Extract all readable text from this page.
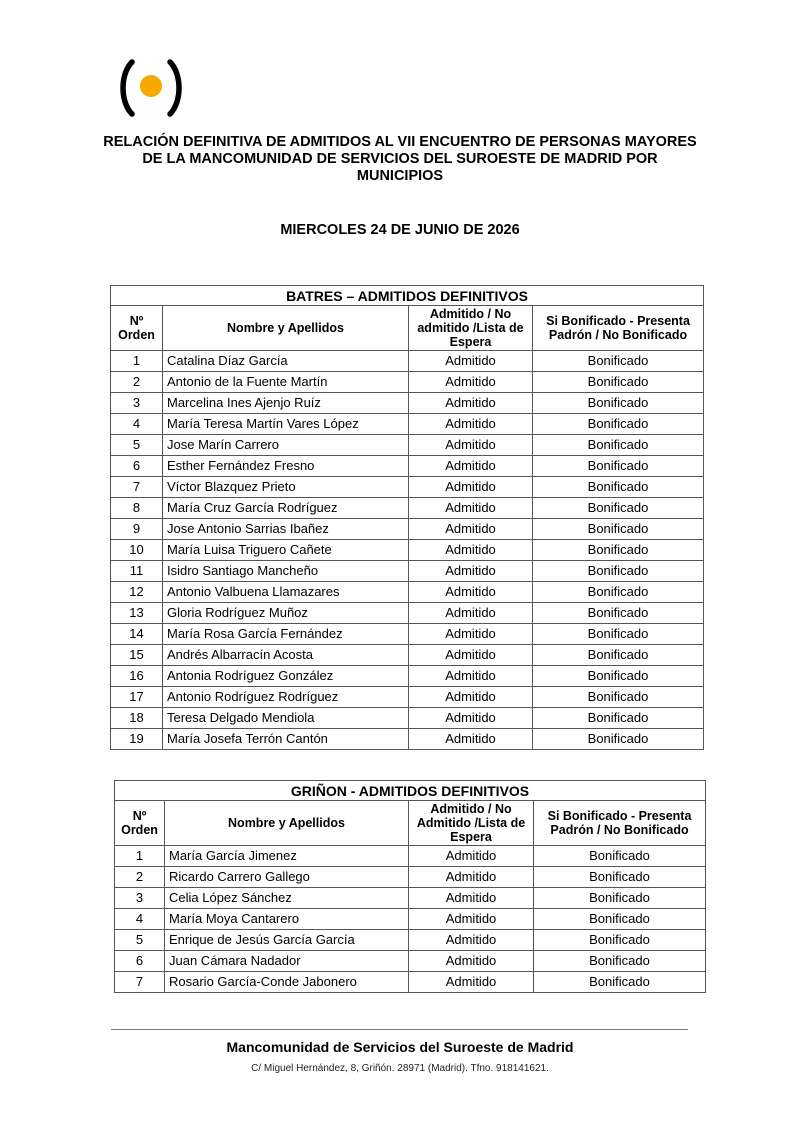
RELACIÓN DEFINITIVA DE ADMITIDOS AL VII ENCUENTRO DE PERSONAS MAYORES DE LA MANCOMUNIDAD DE SERVICIOS DEL SUROESTE DE MADRID POR MUNICIPIOS
MIERCOLES 24 DE JUNIO DE 2026
BATRES – ADMITIDOS DEFINITIVOS			
Nº Orden	Nombre y Apellidos	Admitido / No admitido /Lista de Espera	Si Bonificado - Presenta Padrón / No Bonificado
1	Catalina Díaz García	Admitido	Bonificado
2	Antonio de la Fuente Martín	Admitido	Bonificado
3	Marcelina Ines Ajenjo Ruíz	Admitido	Bonificado
4	María Teresa Martín Vares López	Admitido	Bonificado
5	Jose Marín Carrero	Admitido	Bonificado
6	Esther Fernández Fresno	Admitido	Bonificado
7	Víctor Blazquez Prieto	Admitido	Bonificado
8	María Cruz García Rodríguez	Admitido	Bonificado
9	Jose Antonio Sarrias Ibañez	Admitido	Bonificado
10	María Luisa Triguero Cañete	Admitido	Bonificado
11	Isidro Santiago Mancheño	Admitido	Bonificado
12	Antonio Valbuena Llamazares	Admitido	Bonificado
13	Gloria Rodríguez Muñoz	Admitido	Bonificado
14	María Rosa García Fernández	Admitido	Bonificado
15	Andrés Albarracín Acosta	Admitido	Bonificado
16	Antonia Rodríguez González	Admitido	Bonificado
17	Antonio Rodríguez Rodríguez	Admitido	Bonificado
18	Teresa Delgado Mendiola	Admitido	Bonificado
19	María Josefa Terrón Cantón	Admitido	Bonificado
GRIÑON - ADMITIDOS DEFINITIVOS			
Nº Orden	Nombre y Apellidos	Admitido / No Admitido /Lista de Espera	Si Bonificado - Presenta Padrón / No Bonificado
1	María García Jimenez	Admitido	Bonificado
2	Ricardo Carrero Gallego	Admitido	Bonificado
3	Celia López Sánchez	Admitido	Bonificado
4	María Moya Cantarero	Admitido	Bonificado
5	Enrique de Jesús García García	Admitido	Bonificado
6	Juan Cámara Nadador	Admitido	Bonificado
7	Rosario García-Conde Jabonero	Admitido	Bonificado
Mancomunidad de Servicios del Suroeste de Madrid
C/ Miguel Hernández, 8, Griñón. 28971 (Madrid). Tfno. 918141621.
